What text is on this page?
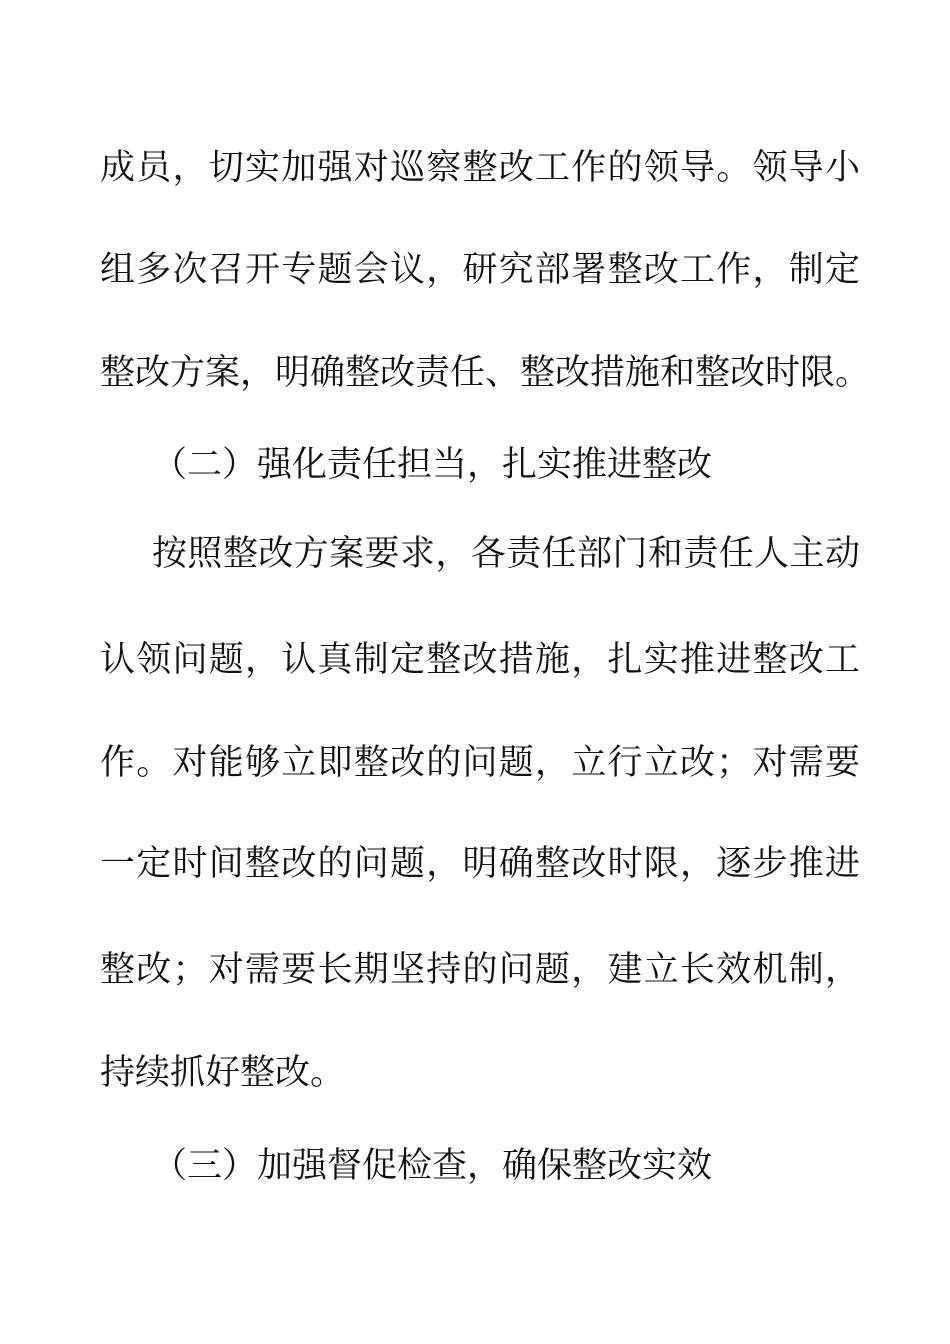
成员，切实加强对巡察整改工作的领导。领导小
组多次召开专题会议，研究部署整改工作，制定
整改方案，明确整改责任、整改措施和整改时限。
（二）强化责任担当，扎实推进整改
按照整改方案要求，各责任部门和责任人主动
认领问题，认真制定整改措施，扎实推进整改工
作。对能够立即整改的问题，立行立改；对需要
一定时间整改的问题，明确整改时限，逐步推进
整改；对需要长期坚持的问题，建立长效机制，
持续抓好整改。
（三）加强督促检查，确保整改实效
